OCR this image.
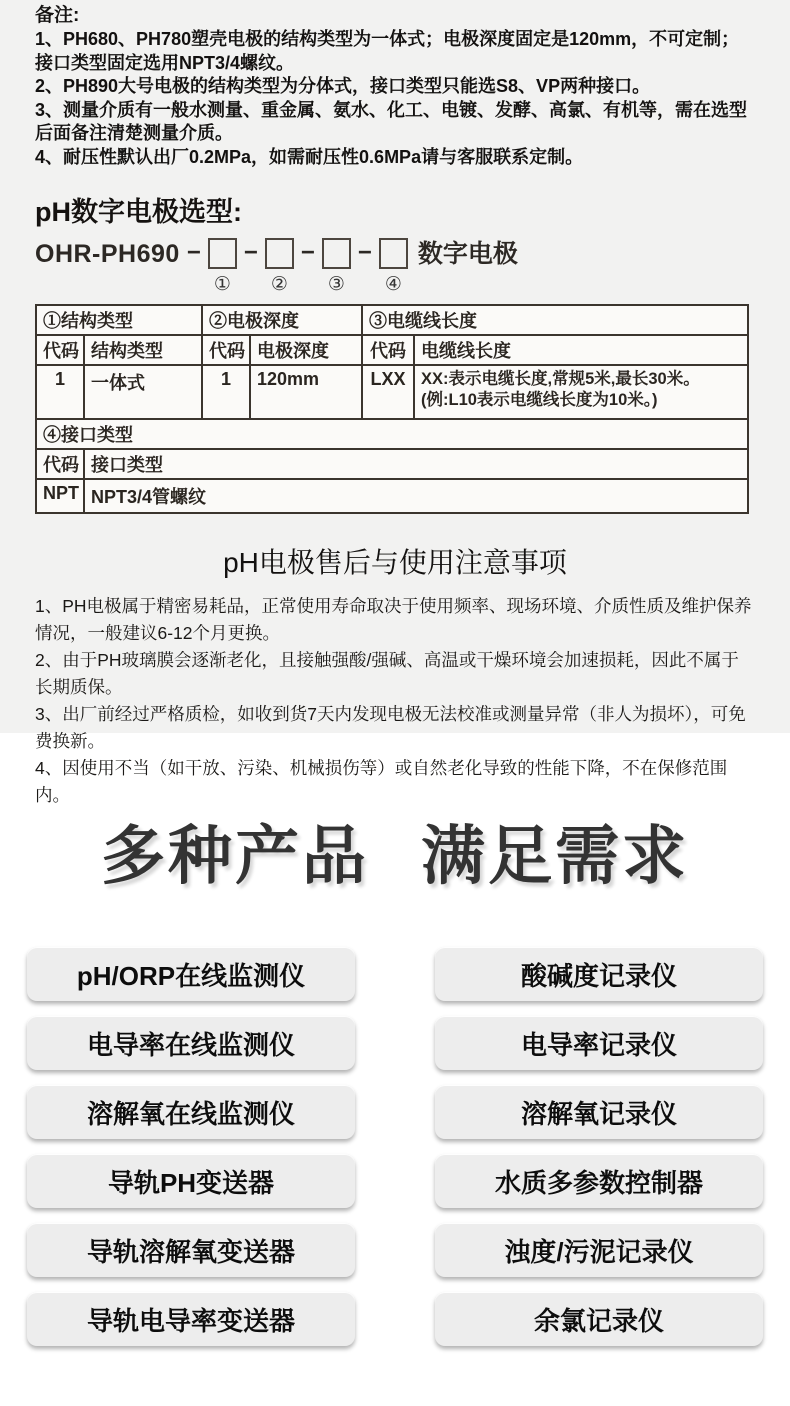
备注:
1、PH680、PH780塑壳电极的结构类型为一体式；电极深度固定是120mm，不可定制；接口类型固定选用NPT3/4螺纹。
2、PH890大号电极的结构类型为分体式，接口类型只能选S8、VP两种接口。
3、测量介质有一般水测量、重金属、氨水、化工、电镀、发酵、高氯、有机等，需在选型后面备注清楚测量介质。
4、耐压性默认出厂0.2MPa，如需耐压性0.6MPa请与客服联系定制。
pH数字电极选型:
OHR-PH690 −
①
−
②
−
③
−
④
数字电极
①结构类型		②电极深度		③电缆线长度	
代码	结构类型	代码	电极深度	代码	电缆线长度
1	一体式	1	120mm	LXX	XX:表示电缆长度,常规5米,最长30米。
(例:L10表示电缆线长度为10米。)

④接口类型					
代码	接口类型				
NPT	NPT3/4管螺纹				
pH电极售后与使用注意事项
1、PH电极属于精密易耗品，正常使用寿命取决于使用频率、现场环境、介质性质及维护保养情况，一般建议6-12个月更换。
2、由于PH玻璃膜会逐渐老化，且接触强酸/强碱、高温或干燥环境会加速损耗，因此不属于长期质保。
3、出厂前经过严格质检，如收到货7天内发现电极无法校准或测量异常（非人为损坏），可免费换新。
4、因使用不当（如干放、污染、机械损伤等）或自然老化导致的性能下降，不在保修范围内。
多种产品 满足需求
pH/ORP在线监测仪	酸碱度记录仪
电导率在线监测仪	电导率记录仪
溶解氧在线监测仪	溶解氧记录仪
导轨PH变送器	水质多参数控制器
导轨溶解氧变送器	浊度/污泥记录仪
导轨电导率变送器	余氯记录仪
